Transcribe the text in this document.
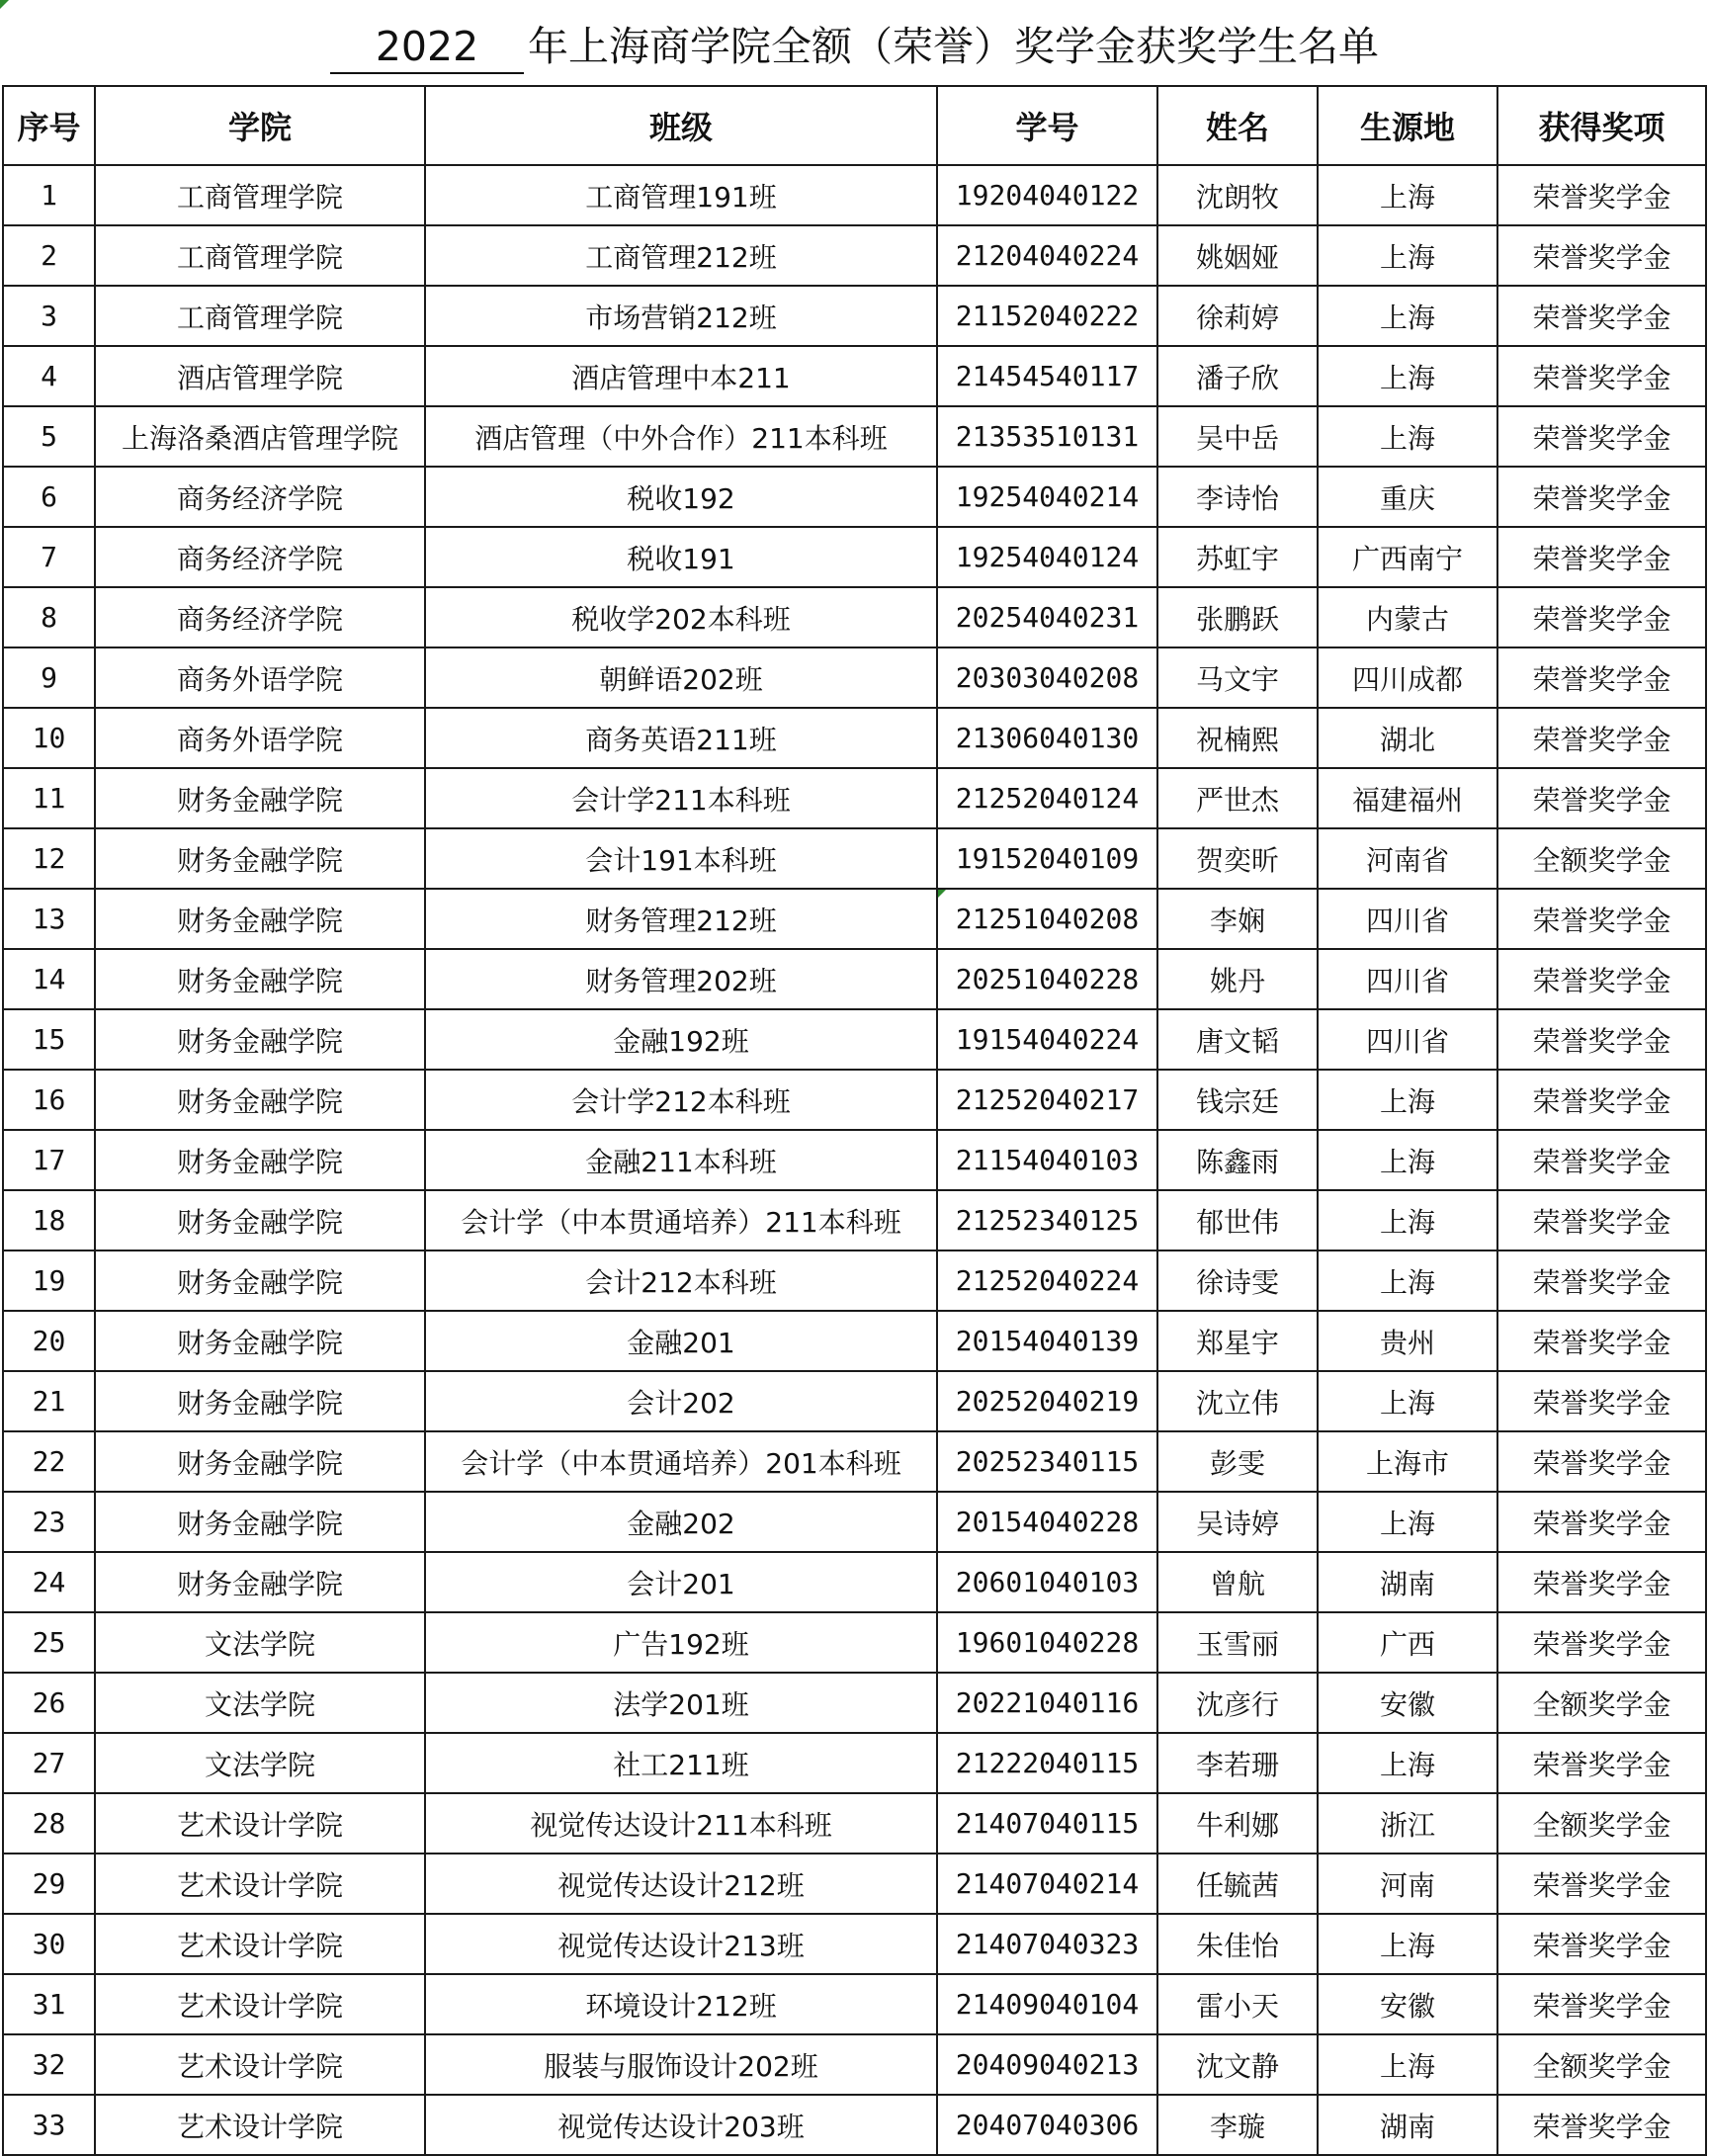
2022 年上海商学院全额（荣誉）奖学金获奖学生名单
序号	学院	班级	学号	姓名	生源地	获得奖项
1	工商管理学院	工商管理191班	19204040122	沈朗牧	上海	荣誉奖学金
2	工商管理学院	工商管理212班	21204040224	姚姻娅	上海	荣誉奖学金
3	工商管理学院	市场营销212班	21152040222	徐莉婷	上海	荣誉奖学金
4	酒店管理学院	酒店管理中本211	21454540117	潘子欣	上海	荣誉奖学金
5	上海洛桑酒店管理学院	酒店管理（中外合作）211本科班	21353510131	吴中岳	上海	荣誉奖学金
6	商务经济学院	税收192	19254040214	李诗怡	重庆	荣誉奖学金
7	商务经济学院	税收191	19254040124	苏虹宇	广西南宁	荣誉奖学金
8	商务经济学院	税收学202本科班	20254040231	张鹏跃	内蒙古	荣誉奖学金
9	商务外语学院	朝鲜语202班	20303040208	马文宇	四川成都	荣誉奖学金
10	商务外语学院	商务英语211班	21306040130	祝楠熙	湖北	荣誉奖学金
11	财务金融学院	会计学211本科班	21252040124	严世杰	福建福州	荣誉奖学金
12	财务金融学院	会计191本科班	19152040109	贺奕昕	河南省	全额奖学金
13	财务金融学院	财务管理212班	21251040208	李娴	四川省	荣誉奖学金
14	财务金融学院	财务管理202班	20251040228	姚丹	四川省	荣誉奖学金
15	财务金融学院	金融192班	19154040224	唐文韬	四川省	荣誉奖学金
16	财务金融学院	会计学212本科班	21252040217	钱宗廷	上海	荣誉奖学金
17	财务金融学院	金融211本科班	21154040103	陈鑫雨	上海	荣誉奖学金
18	财务金融学院	会计学（中本贯通培养）211本科班	21252340125	郁世伟	上海	荣誉奖学金
19	财务金融学院	会计212本科班	21252040224	徐诗雯	上海	荣誉奖学金
20	财务金融学院	金融201	20154040139	郑星宇	贵州	荣誉奖学金
21	财务金融学院	会计202	20252040219	沈立伟	上海	荣誉奖学金
22	财务金融学院	会计学（中本贯通培养）201本科班	20252340115	彭雯	上海市	荣誉奖学金
23	财务金融学院	金融202	20154040228	吴诗婷	上海	荣誉奖学金
24	财务金融学院	会计201	20601040103	曾航	湖南	荣誉奖学金
25	文法学院	广告192班	19601040228	玉雪丽	广西	荣誉奖学金
26	文法学院	法学201班	20221040116	沈彦行	安徽	全额奖学金
27	文法学院	社工211班	21222040115	李若珊	上海	荣誉奖学金
28	艺术设计学院	视觉传达设计211本科班	21407040115	牛利娜	浙江	全额奖学金
29	艺术设计学院	视觉传达设计212班	21407040214	任毓茜	河南	荣誉奖学金
30	艺术设计学院	视觉传达设计213班	21407040323	朱佳怡	上海	荣誉奖学金
31	艺术设计学院	环境设计212班	21409040104	雷小天	安徽	荣誉奖学金
32	艺术设计学院	服装与服饰设计202班	20409040213	沈文静	上海	全额奖学金
33	艺术设计学院	视觉传达设计203班	20407040306	李璇	湖南	荣誉奖学金
